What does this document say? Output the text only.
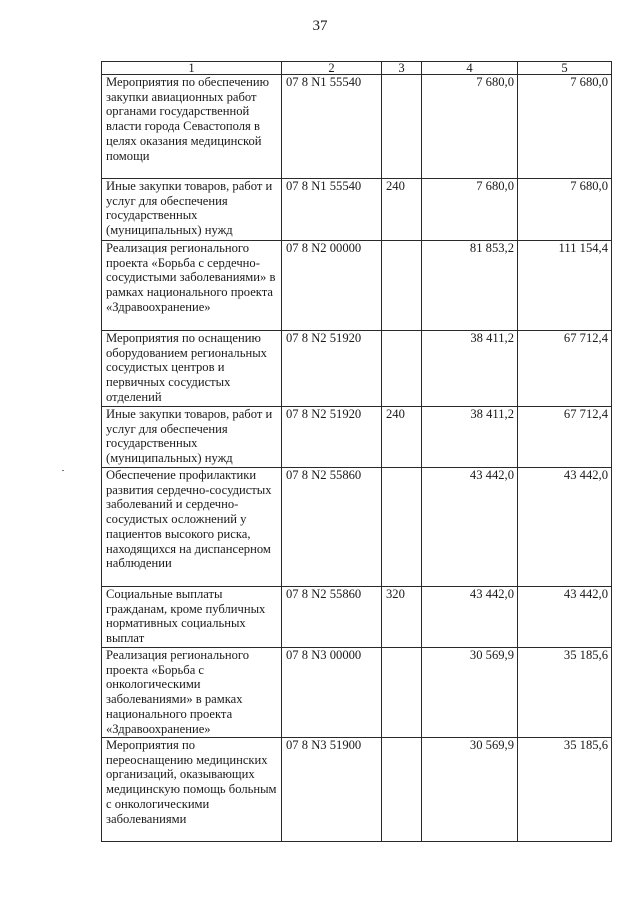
37
1	2	3	4	5
Мероприятия по обеспечению закупки авиационных работ органами государственной власти города Севастополя в целях оказания медицинской помощи	07 8 N1 55540		7 680,0	7 680,0
Иные закупки товаров, работ и услуг для обеспечения государственных (муниципальных) нужд	07 8 N1 55540	240	7 680,0	7 680,0
Реализация регионального проекта «Борьба с сердечно-сосудистыми заболеваниями» в рамках национального проекта «Здравоохранение»	07 8 N2 00000		81 853,2	111 154,4
Мероприятия по оснащению оборудованием региональных сосудистых центров и первичных сосудистых отделений	07 8 N2 51920		38 411,2	67 712,4
Иные закупки товаров, работ и услуг для обеспечения государственных (муниципальных) нужд	07 8 N2 51920	240	38 411,2	67 712,4
Обеспечение профилактики развития сердечно-сосудистых заболеваний и сердечно-сосудистых осложнений у пациентов высокого риска, находящихся на диспансерном наблюдении	07 8 N2 55860		43 442,0	43 442,0
Социальные выплаты гражданам, кроме публичных нормативных социальных выплат	07 8 N2 55860	320	43 442,0	43 442,0
Реализация регионального проекта «Борьба с онкологическими заболеваниями» в рамках национального проекта «Здравоохранение»	07 8 N3 00000		30 569,9	35 185,6
Мероприятия по переоснащению медицинских организаций, оказывающих медицинскую помощь больным с онкологическими заболеваниями	07 8 N3 51900		30 569,9	35 185,6
